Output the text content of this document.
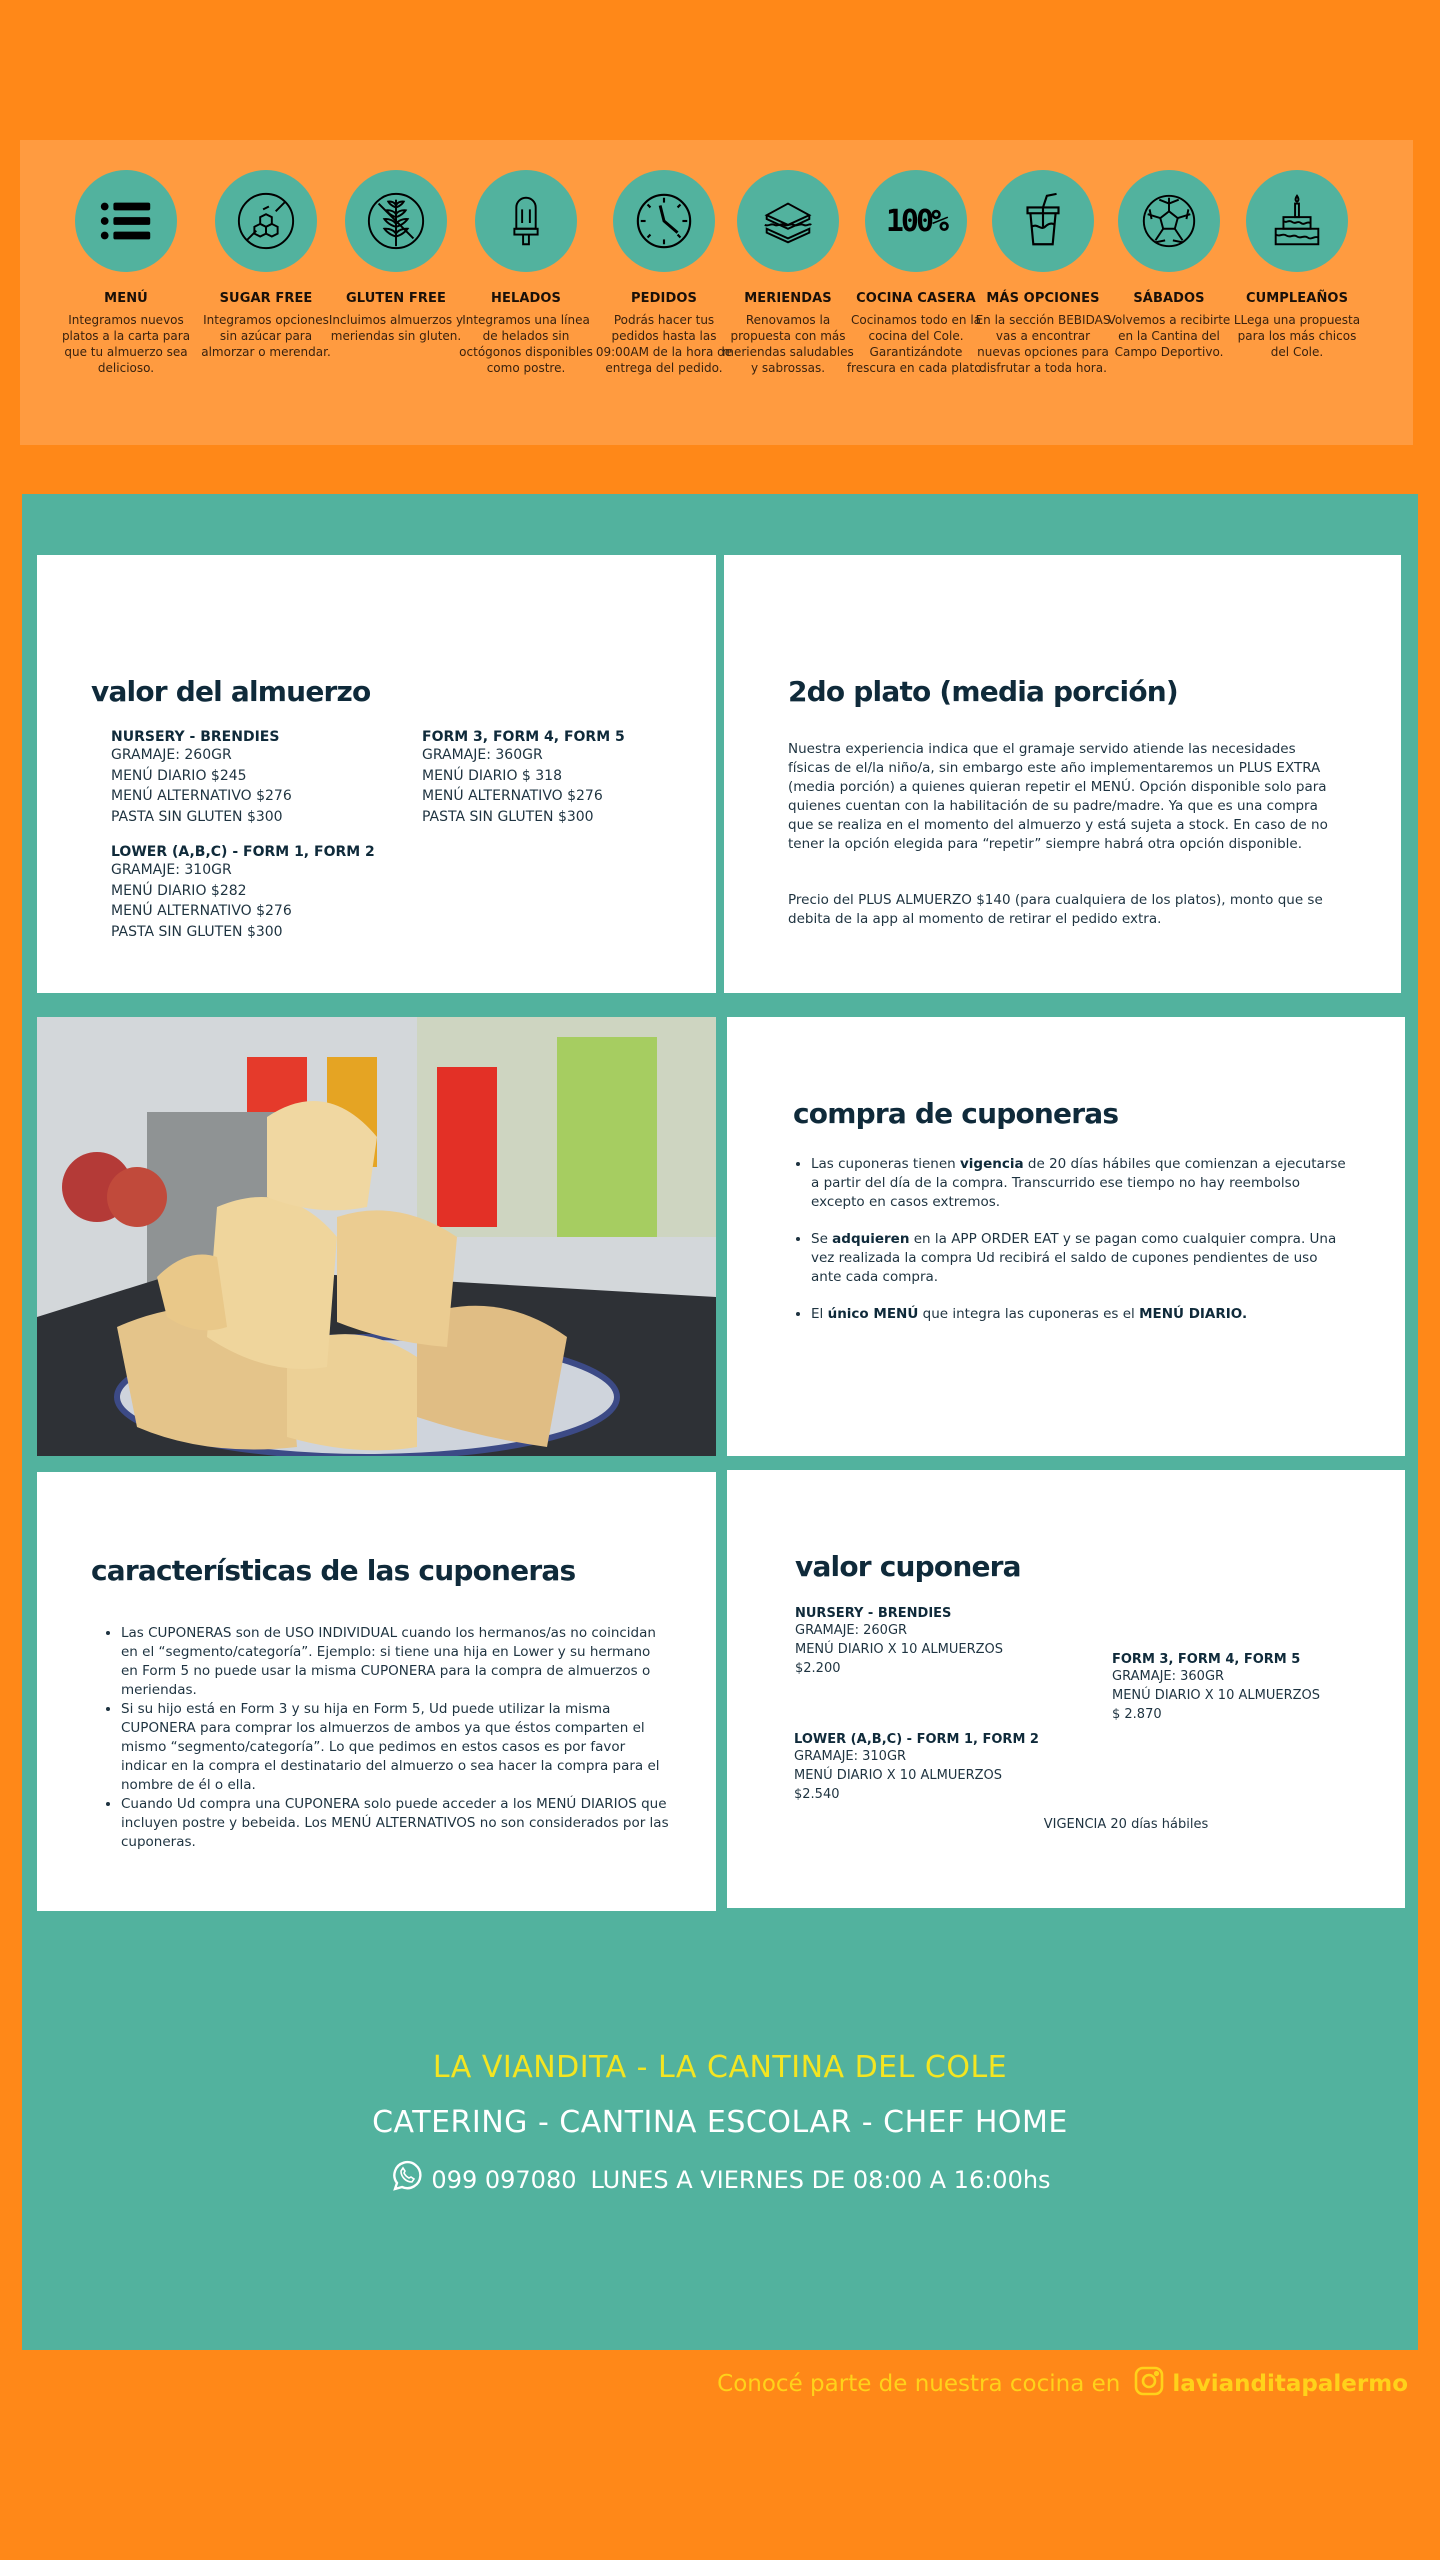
MENÚ
Integramos nuevos platos a la carta para que tu almuerzo sea delicioso.
SUGAR FREE
Integramos opciones sin azúcar para almorzar o merendar.
GLUTEN FREE
Incluimos almuerzos y meriendas sin gluten.
HELADOS
Integramos una línea de helados sin octógonos disponibles como postre.
PEDIDOS
Podrás hacer tus pedidos hasta las 09:00AM de la hora de entrega del pedido.
MERIENDAS
Renovamos la propuesta con más meriendas saludables y sabrossas.
100%
COCINA CASERA
Cocinamos todo en la cocina del Cole. Garantizándote frescura en cada plato.
MÁS OPCIONES
En la sección BEBIDAS vas a encontrar nuevas opciones para disfrutar a toda hora.
SÁBADOS
Volvemos a recibirte en la Cantina del Campo Deportivo.
CUMPLEAÑOS
LLega una propuesta para los más chicos del Cole.
valor del almuerzo
NURSERY - BRENDIES
GRAMAJE: 260GR
MENÚ DIARIO $245
MENÚ ALTERNATIVO $276
PASTA SIN GLUTEN $300
FORM 3, FORM 4, FORM 5
GRAMAJE: 360GR
MENÚ DIARIO $ 318
MENÚ ALTERNATIVO $276
PASTA SIN GLUTEN $300
LOWER (A,B,C) - FORM 1, FORM 2
GRAMAJE: 310GR
MENÚ DIARIO $282
MENÚ ALTERNATIVO $276
PASTA SIN GLUTEN $300
2do plato (media porción)
Nuestra experiencia indica que el gramaje servido atiende las necesidades físicas de el/la niño/a, sin embargo este año implementaremos un PLUS EXTRA (media porción) a quienes quieran repetir el MENÚ. Opción disponible solo para quienes cuentan con la habilitación de su padre/madre. Ya que es una compra que se realiza en el momento del almuerzo y está sujeta a stock. En caso de no tener la opción elegida para “repetir” siempre habrá otra opción disponible.
Precio del PLUS ALMUERZO $140 (para cualquiera de los platos), monto que se debita de la app al momento de retirar el pedido extra.
compra de cuponeras
• Las cuponeras tienen vigencia de 20 días hábiles que comienzan a ejecutarse a partir del día de la compra. Transcurrido ese tiempo no hay reembolso excepto en casos extremos.
• Se adquieren en la APP ORDER EAT y se pagan como cualquier compra. Una vez realizada la compra Ud recibirá el saldo de cupones pendientes de uso ante cada compra.
• El único MENÚ que integra las cuponeras es el MENÚ DIARIO.
características de las cuponeras
• Las CUPONERAS son de USO INDIVIDUAL cuando los hermanos/as no coincidan en el “segmento/categoría”. Ejemplo: si tiene una hija en Lower y su hermano en Form 5 no puede usar la misma CUPONERA para la compra de almuerzos o meriendas.
• Si su hijo está en Form 3 y su hija en Form 5, Ud puede utilizar la misma CUPONERA para comprar los almuerzos de ambos ya que éstos comparten el mismo “segmento/categoría”. Lo que pedimos en estos casos es por favor indicar en la compra el destinatario del almuerzo o sea hacer la compra para el nombre de él o ella.
• Cuando Ud compra una CUPONERA solo puede acceder a los MENÚ DIARIOS que incluyen postre y bebeida. Los MENÚ ALTERNATIVOS no son considerados por las cuponeras.
valor cuponera
NURSERY - BRENDIES
GRAMAJE: 260GR
MENÚ DIARIO X 10 ALMUERZOS
$2.200
FORM 3, FORM 4, FORM 5
GRAMAJE: 360GR
MENÚ DIARIO X 10 ALMUERZOS
$ 2.870
LOWER (A,B,C) - FORM 1, FORM 2
GRAMAJE: 310GR
MENÚ DIARIO X 10 ALMUERZOS
$2.540
VIGENCIA 20 días hábiles
LA VIANDITA - LA CANTINA DEL COLE
CATERING - CANTINA ESCOLAR - CHEF HOME
099 097080 LUNES A VIERNES DE 08:00 A 16:00hs
Conocé parte de nuestra cocina en lavianditapalermo
